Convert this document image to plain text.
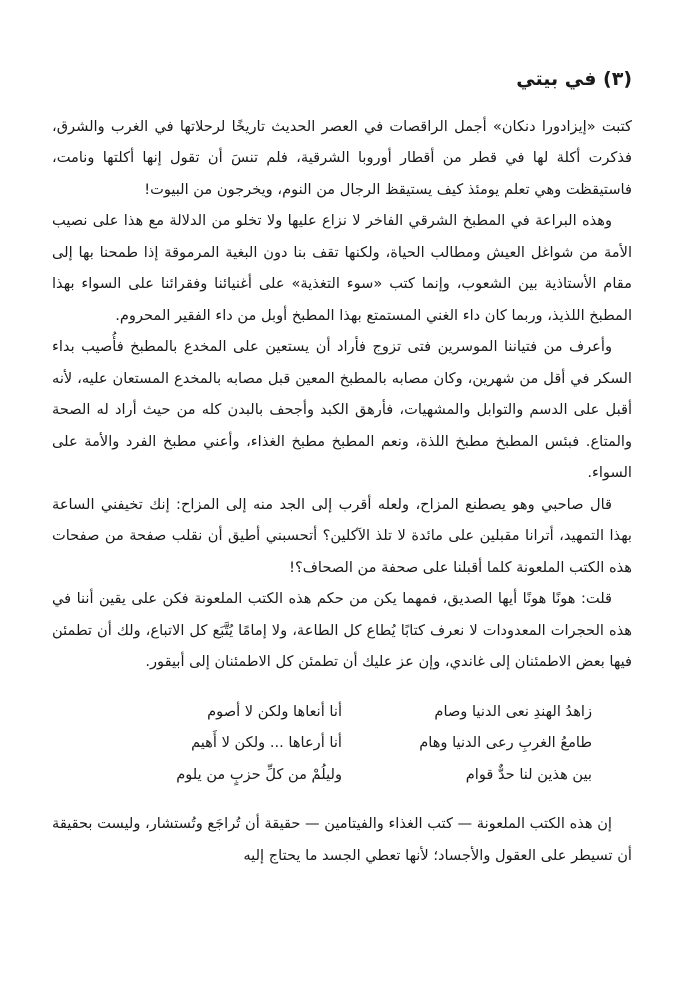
(٣) في بيتي

كتبت «إيزادورا دنكان» أجمل الراقصات في العصر الحديث تاريخًا لرحلاتها في الغرب والشرق، فذكرت أكلة لها في قطر من أقطار أوروبا الشرقية، فلم تنسَ أن تقول إنها أكلتها ونامت، فاستيقظت وهي تعلم يومئذ كيف يستيقظ الرجال من النوم، ويخرجون من البيوت!

وهذه البراعة في المطبخ الشرقي الفاخر لا نزاع عليها ولا تخلو من الدلالة مع هذا على نصيب الأمة من شواغل العيش ومطالب الحياة، ولكنها تقف بنا دون البغية المرموقة إذا طمحنا بها إلى مقام الأستاذية بين الشعوب، وإنما كتب «سوء التغذية» على أغنيائنا وفقرائنا على السواء بهذا المطبخ اللذيذ، وربما كان داء الغني المستمتع بهذا المطبخ أوبل من داء الفقير المحروم.

وأعرف من فتياننا الموسرين فتى تزوج فأراد أن يستعين على المخدع بالمطبخ فأُصيب بداء السكر في أقل من شهرين، وكان مصابه بالمطبخ المعين قبل مصابه بالمخدع المستعان عليه، لأنه أقبل على الدسم والتوابل والمشهيات، فأرهق الكبد وأجحف بالبدن كله من حيث أراد له الصحة والمتاع. فبئس المطبخ مطبخ اللذة، ونعم المطبخ مطبخ الغذاء، وأعني مطبخ الفرد والأمة على السواء.

قال صاحبي وهو يصطنع المزاح، ولعله أقرب إلى الجد منه إلى المزاح: إنك تخيفني الساعة بهذا التمهيد، أترانا مقبلين على مائدة لا تلذ الآكلين؟ أتحسبني أطيق أن نقلب صفحة من صفحات هذه الكتب الملعونة كلما أقبلنا على صحفة من الصحاف؟!

قلت: هونًا هونًا أيها الصديق، فمهما يكن من حكم هذه الكتب الملعونة فكن على يقين أننا في هذه الحجرات المعدودات لا نعرف كتابًا يُطاع كل الطاعة، ولا إمامًا يُتَّبَع كل الاتباع، ولك أن تطمئن فيها بعض الاطمئنان إلى غاندي، وإن عز عليك أن تطمئن كل الاطمئنان إلى أبيقور.

زاهدُ الهندِ نعى الدنيا وصام
أنا أنعاها ولكن لا أصوم
طامعُ الغربِ رعى الدنيا وهام
أنا أرعاها ... ولكن لا أَهيم
بين هذين لنا حدٌّ قوام
وليلُمْ من كلِّ حزبٍ من يلوم

إن هذه الكتب الملعونة — كتب الغذاء والفيتامين — حقيقة أن تُراجَع وتُستشار، وليست بحقيقة أن تسيطر على العقول والأجساد؛ لأنها تعطي الجسد ما يحتاج إليه
